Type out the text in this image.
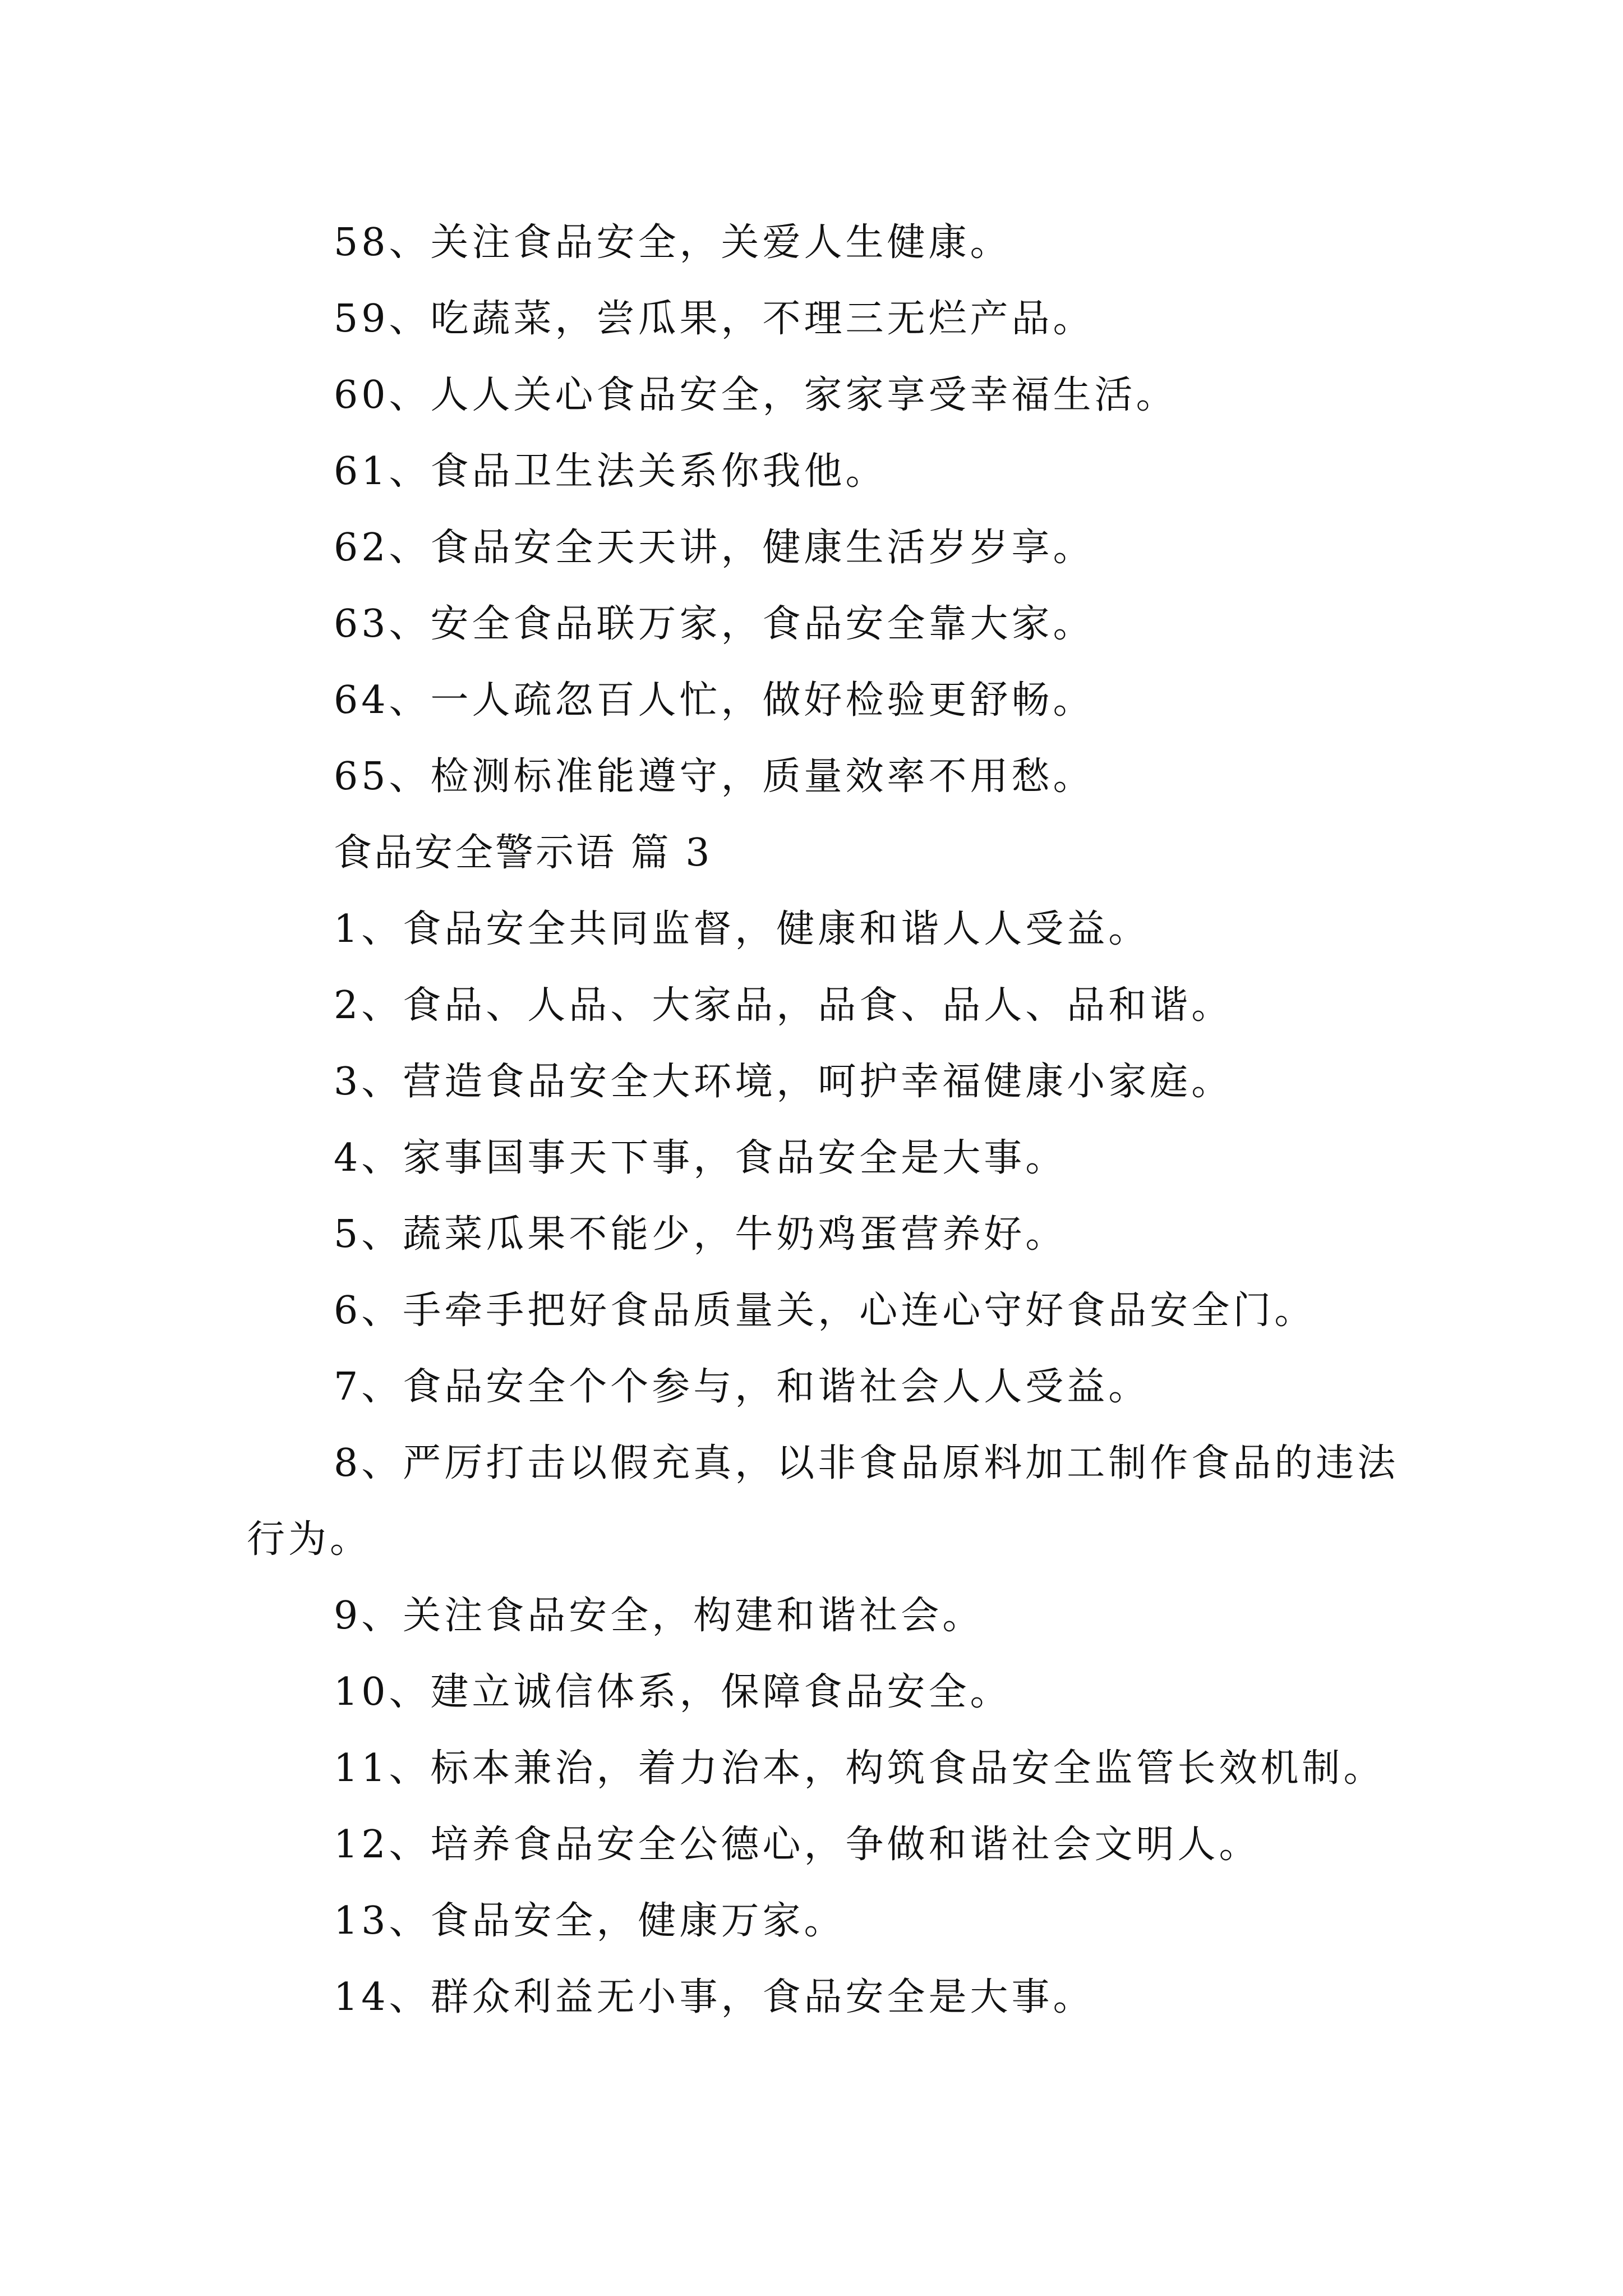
58、关注食品安全，关爱人生健康。
59、吃蔬菜，尝瓜果，不理三无烂产品。
60、人人关心食品安全，家家享受幸福生活。
61、食品卫生法关系你我他。
62、食品安全天天讲，健康生活岁岁享。
63、安全食品联万家，食品安全靠大家。
64、一人疏忽百人忙，做好检验更舒畅。
65、检测标准能遵守，质量效率不用愁。
食品安全警示语 篇 3
1、食品安全共同监督，健康和谐人人受益。
2、食品、人品、大家品，品食、品人、品和谐。
3、营造食品安全大环境，呵护幸福健康小家庭。
4、家事国事天下事，食品安全是大事。
5、蔬菜瓜果不能少，牛奶鸡蛋营养好。
6、手牵手把好食品质量关，心连心守好食品安全门。
7、食品安全个个参与，和谐社会人人受益。
8、严厉打击以假充真，以非食品原料加工制作食品的违法行为。
9、关注食品安全，构建和谐社会。
10、建立诚信体系，保障食品安全。
11、标本兼治，着力治本，构筑食品安全监管长效机制。
12、培养食品安全公德心，争做和谐社会文明人。
13、食品安全，健康万家。
14、群众利益无小事，食品安全是大事。
